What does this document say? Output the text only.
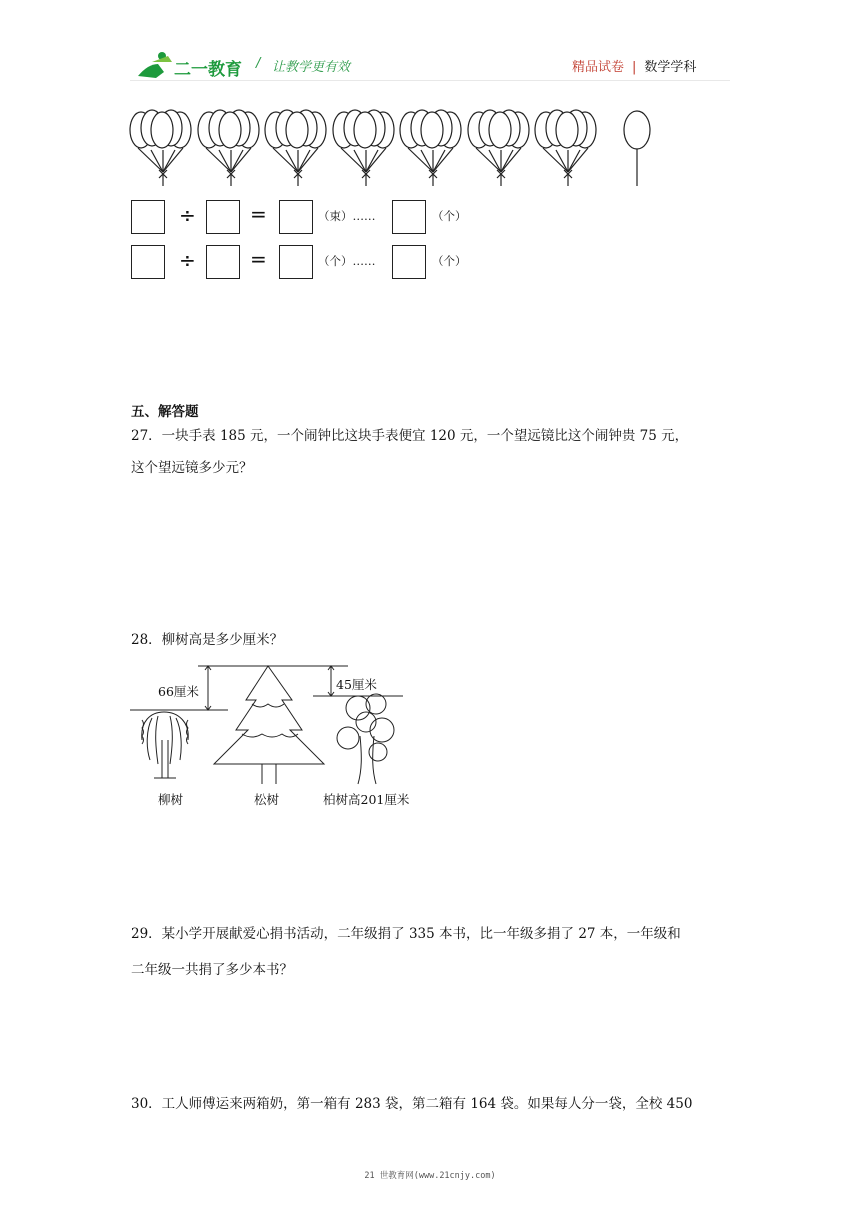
二一教育 / 让教学更有效	精品试卷 | 数学学科
÷	=	（束）……	（个）
÷	=	（个）……	（个）
五、解答题
27．一块手表 185 元，一个闹钟比这块手表便宜 120 元，一个望远镜比这个闹钟贵 75 元，
这个望远镜多少元？
28．柳树高是多少厘米？
66厘米	45厘米
柳树	松树	柏树高201厘米
29．某小学开展献爱心捐书活动，二年级捐了 335 本书，比一年级多捐了 27 本，一年级和
二年级一共捐了多少本书？
30．工人师傅运来两箱奶，第一箱有 283 袋，第二箱有 164 袋。如果每人分一袋，全校 450
21 世教育网(www.21cnjy.com)
